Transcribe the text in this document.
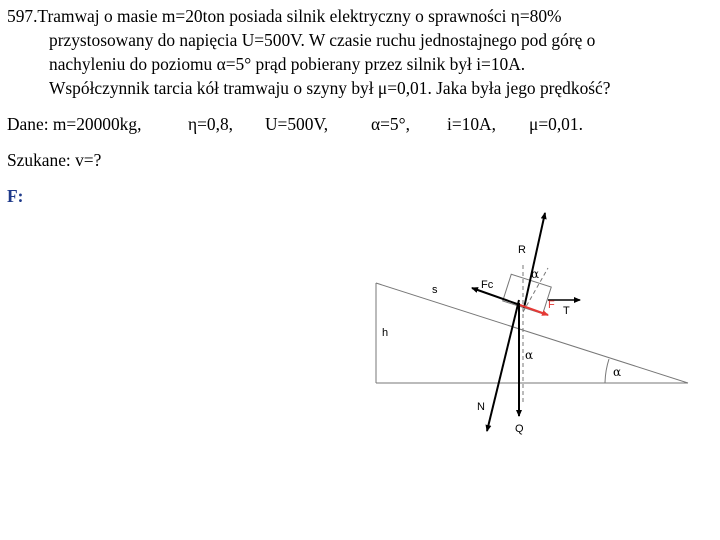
597.Tramwaj o masie m=20ton posiada silnik elektryczny o sprawności η=80%

przystosowany do napięcia U=500V. W czasie ruchu jednostajnego pod górę o

nachyleniu do poziomu α=5° prąd pobierany przez silnik był i=10A.

Współczynnik tarcia kół tramwaju o szyny był μ=0,01. Jaka była jego prędkość?

Dane: m=20000kg,	η=0,8, U=500V, α=5°, i=10A, μ=0,01.
Szukane: v=?
F:
R
s	Fc
F T
h
N
Q
α
α
α
